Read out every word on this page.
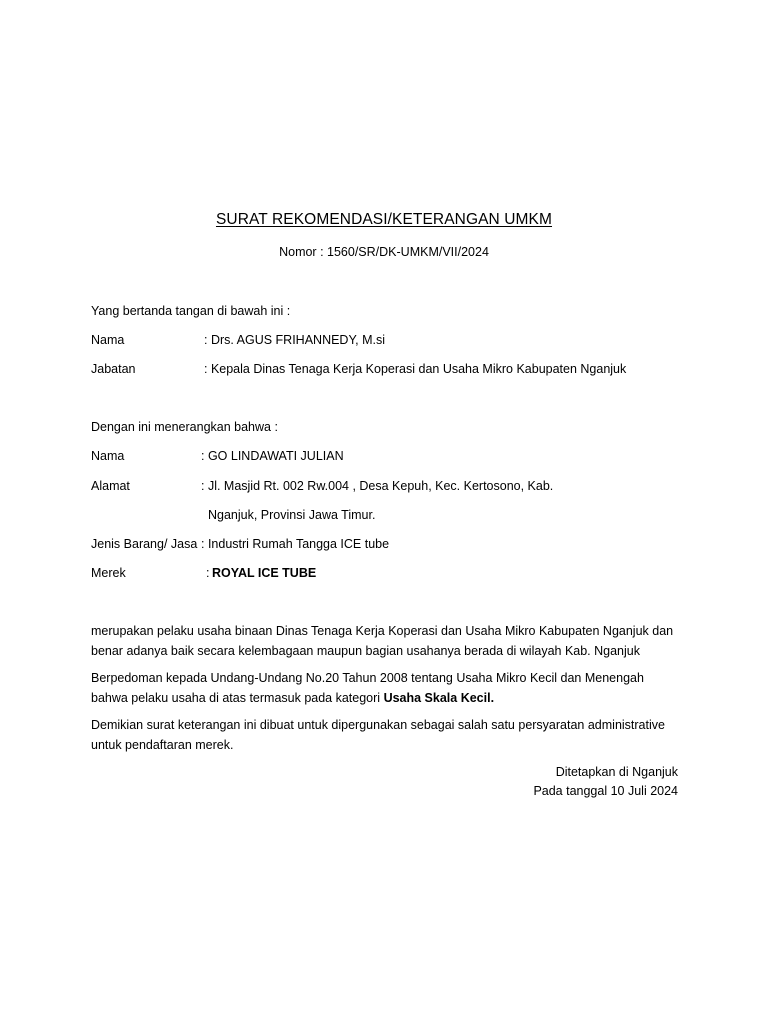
SURAT REKOMENDASI/KETERANGAN UMKM
Nomor : 1560/SR/DK-UMKM/VII/2024
Yang bertanda tangan di bawah ini :
Nama	: Drs. AGUS FRIHANNEDY, M.si
Jabatan	: Kepala Dinas Tenaga Kerja Koperasi dan Usaha Mikro Kabupaten Nganjuk
Dengan ini menerangkan bahwa :
Nama	: GO LINDAWATI JULIAN
Alamat	: Jl. Masjid Rt. 002 Rw.004 , Desa Kepuh, Kec. Kertosono, Kab.
Nganjuk, Provinsi Jawa Timur.
Jenis Barang/ Jasa : Industri Rumah Tangga ICE tube
Merek	: ROYAL ICE TUBE
merupakan pelaku usaha binaan Dinas Tenaga Kerja Koperasi dan Usaha Mikro Kabupaten Nganjuk dan
benar adanya baik secara kelembagaan maupun bagian usahanya berada di wilayah Kab. Nganjuk
Berpedoman kepada Undang-Undang No.20 Tahun 2008 tentang Usaha Mikro Kecil dan Menengah
bahwa pelaku usaha di atas termasuk pada kategori Usaha Skala Kecil.
Demikian surat keterangan ini dibuat untuk dipergunakan sebagai salah satu persyaratan administrative
untuk pendaftaran merek.
Ditetapkan di Nganjuk
Pada tanggal 10 Juli 2024
